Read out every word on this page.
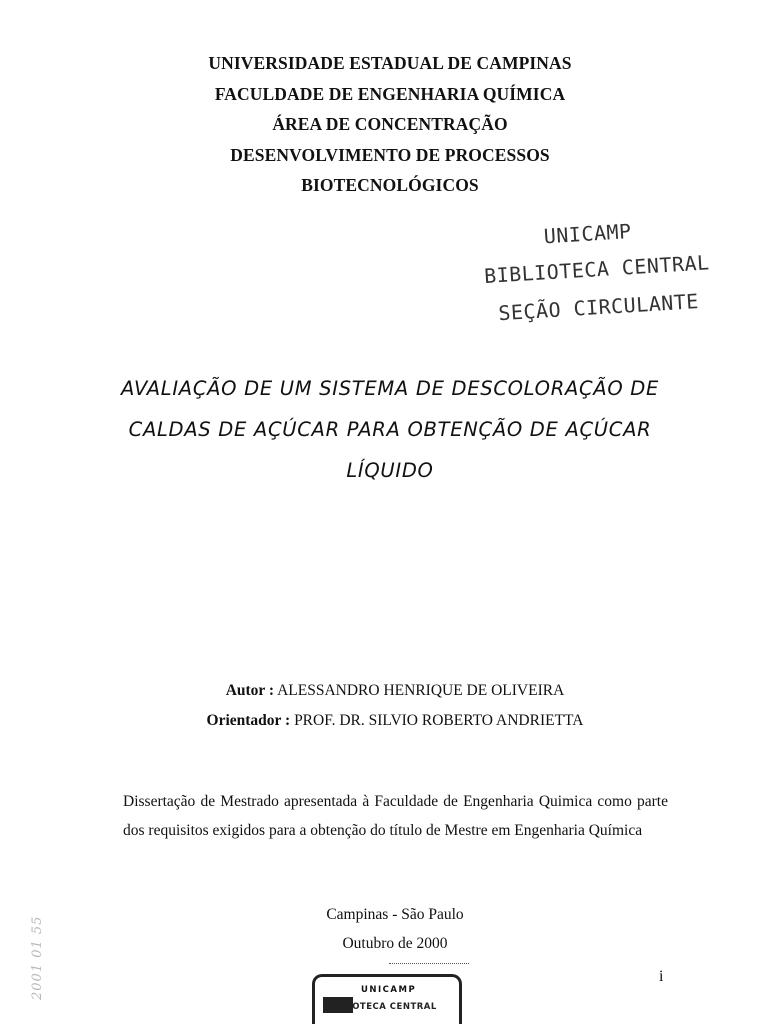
UNIVERSIDADE ESTADUAL DE CAMPINAS
FACULDADE DE ENGENHARIA QUÍMICA
ÁREA DE CONCENTRAÇÃO
DESENVOLVIMENTO DE PROCESSOS
BIOTECNOLÓGICOS
UNICAMP
BIBLIOTECA CENTRAL
SEÇÃO CIRCULANTE
AVALIAÇÃO DE UM SISTEMA DE DESCOLORAÇÃO DE
CALDAS DE AÇÚCAR PARA OBTENÇÃO DE AÇÚCAR
LÍQUIDO
Autor : ALESSANDRO HENRIQUE DE OLIVEIRA
Orientador : PROF. DR. SILVIO ROBERTO ANDRIETTA
Dissertação de Mestrado apresentada à Faculdade de Engenharia Quimica como parte dos requisitos exigidos para a obtenção do título de Mestre em Engenharia Química
Campinas - São Paulo
Outubro de 2000
i
2001 01 55	UNICAMP
BIBLIOTECA CENTRAL
